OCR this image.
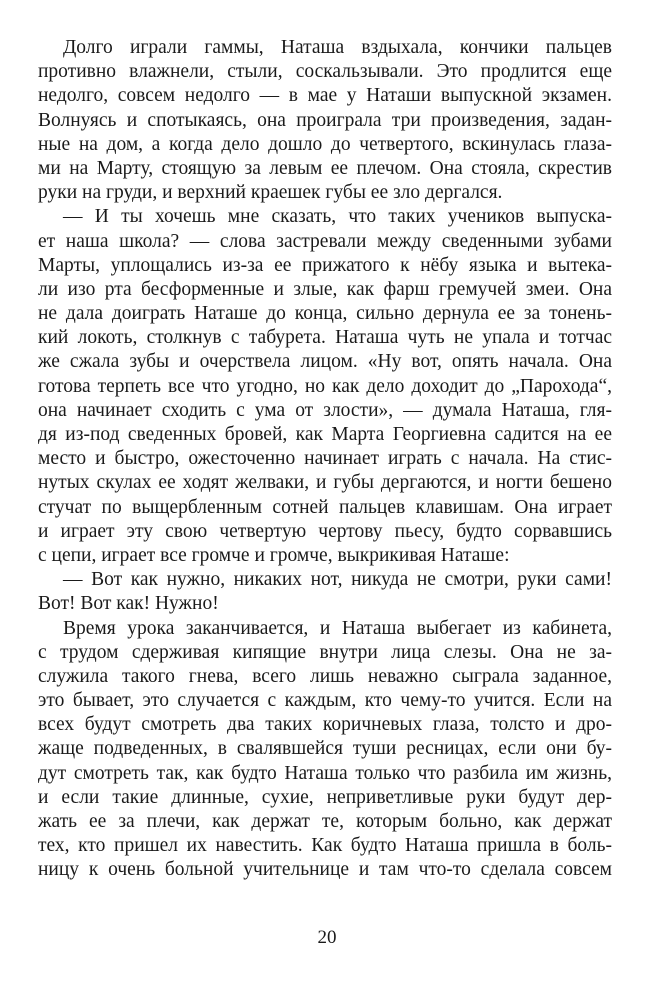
Долго играли гаммы, Наташа вздыхала, кончики пальцев
противно влажнели, стыли, соскальзывали. Это продлится еще
недолго, совсем недолго — в мае у Наташи выпускной экзамен.
Волнуясь и спотыкаясь, она проиграла три произведения, задан-
ные на дом, а когда дело дошло до четвертого, вскинулась глаза-
ми на Марту, стоящую за левым ее плечом. Она стояла, скрестив
руки на груди, и верхний краешек губы ее зло дергался.
— И ты хочешь мне сказать, что таких учеников выпуска-
ет наша школа? — слова застревали между сведенными зубами
Марты, уплощались из-за ее прижатого к нёбу языка и вытека-
ли изо рта бесформенные и злые, как фарш гремучей змеи. Она
не дала доиграть Наташе до конца, сильно дернула ее за тонень-
кий локоть, столкнув с табурета. Наташа чуть не упала и тотчас
же сжала зубы и очерствела лицом. «Ну вот, опять начала. Она
готова терпеть все что угодно, но как дело доходит до „Парохода“,
она начинает сходить с ума от злости», — думала Наташа, гля-
дя из-под сведенных бровей, как Марта Георгиевна садится на ее
место и быстро, ожесточенно начинает играть с начала. На стис-
нутых скулах ее ходят желваки, и губы дергаются, и ногти бешено
стучат по выщербленным сотней пальцев клавишам. Она играет
и играет эту свою четвертую чертову пьесу, будто сорвавшись
с цепи, играет все громче и громче, выкрикивая Наташе:
— Вот как нужно, никаких нот, никуда не смотри, руки сами!
Вот! Вот как! Нужно!
Время урока заканчивается, и Наташа выбегает из кабинета,
с трудом сдерживая кипящие внутри лица слезы. Она не за-
служила такого гнева, всего лишь неважно сыграла заданное,
это бывает, это случается с каждым, кто чему-то учится. Если на
всех будут смотреть два таких коричневых глаза, толсто и дро-
жаще подведенных, в свалявшейся туши ресницах, если они бу-
дут смотреть так, как будто Наташа только что разбила им жизнь,
и если такие длинные, сухие, неприветливые руки будут дер-
жать ее за плечи, как держат те, которым больно, как держат
тех, кто пришел их навестить. Как будто Наташа пришла в боль-
ницу к очень больной учительнице и там что-то сделала совсем
20
